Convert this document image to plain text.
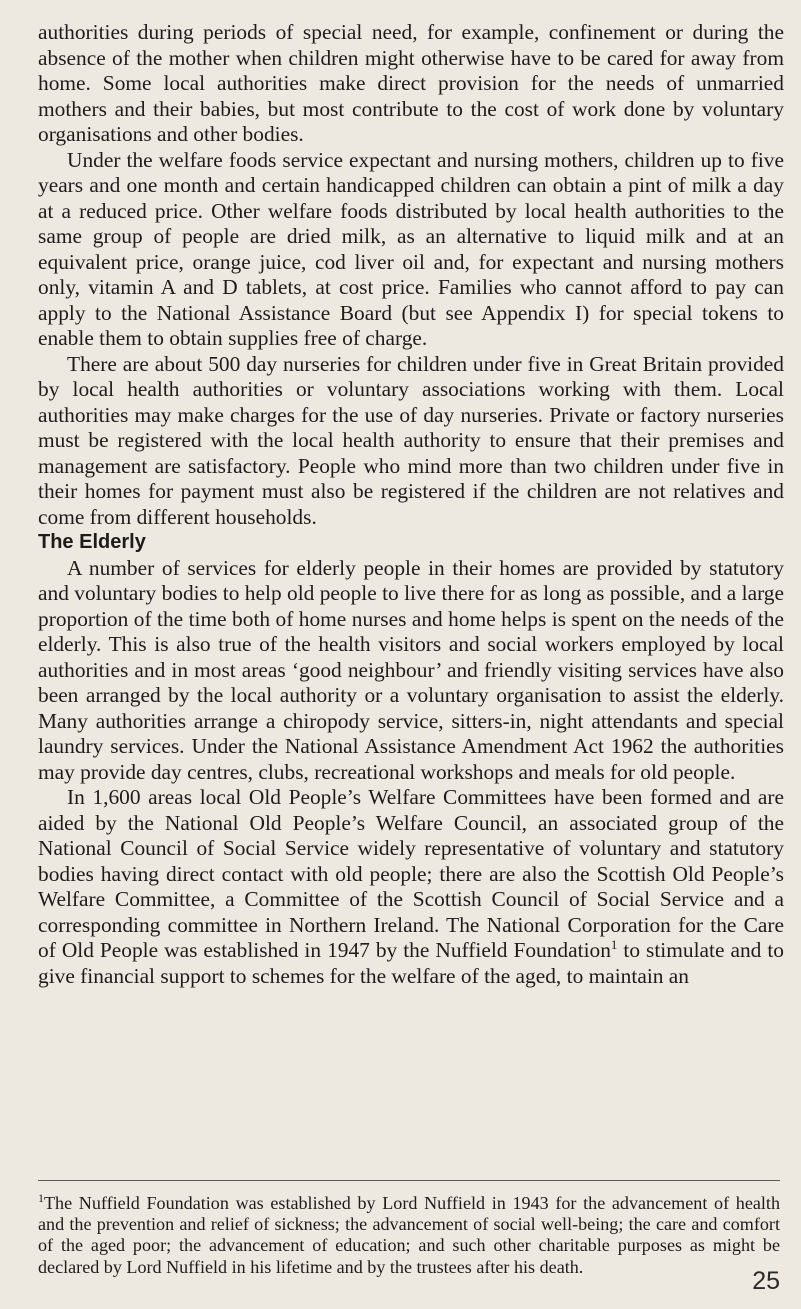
authorities during periods of special need, for example, confinement or during the absence of the mother when children might otherwise have to be cared for away from home. Some local authorities make direct provision for the needs of unmarried mothers and their babies, but most contribute to the cost of work done by voluntary organisations and other bodies.

Under the welfare foods service expectant and nursing mothers, children up to five years and one month and certain handicapped children can obtain a pint of milk a day at a reduced price. Other welfare foods distributed by local health authorities to the same group of people are dried milk, as an alternative to liquid milk and at an equivalent price, orange juice, cod liver oil and, for expectant and nursing mothers only, vitamin A and D tablets, at cost price. Families who cannot afford to pay can apply to the National Assistance Board (but see Appendix I) for special tokens to enable them to obtain supplies free of charge.

There are about 500 day nurseries for children under five in Great Britain provided by local health authorities or voluntary associations working with them. Local authorities may make charges for the use of day nurseries. Private or factory nurseries must be registered with the local health authority to ensure that their premises and management are satisfactory. People who mind more than two children under five in their homes for payment must also be registered if the children are not relatives and come from different households.

The Elderly

A number of services for elderly people in their homes are provided by statutory and voluntary bodies to help old people to live there for as long as possible, and a large proportion of the time both of home nurses and home helps is spent on the needs of the elderly. This is also true of the health visitors and social workers employed by local authorities and in most areas ‘good neighbour’ and friendly visiting services have also been arranged by the local authority or a voluntary organisation to assist the elderly. Many authorities arrange a chiropody service, sitters-in, night attendants and special laundry services. Under the National Assistance Amendment Act 1962 the authorities may provide day centres, clubs, recreational workshops and meals for old people.

In 1,600 areas local Old People’s Welfare Committees have been formed and are aided by the National Old People’s Welfare Council, an associated group of the National Council of Social Service widely representative of voluntary and statutory bodies having direct contact with old people; there are also the Scottish Old People’s Welfare Committee, a Committee of the Scottish Council of Social Service and a corresponding committee in Northern Ireland. The National Corporation for the Care of Old People was established in 1947 by the Nuffield Foundation$^1$ to stimulate and to give financial support to schemes for the welfare of the aged, to maintain an

$^1$The Nuffield Foundation was established by Lord Nuffield in 1943 for the advancement of health and the prevention and relief of sickness; the advancement of social well-being; the care and comfort of the aged poor; the advancement of education; and such other charitable purposes as might be declared by Lord Nuffield in his lifetime and by the trustees after his death.

25
